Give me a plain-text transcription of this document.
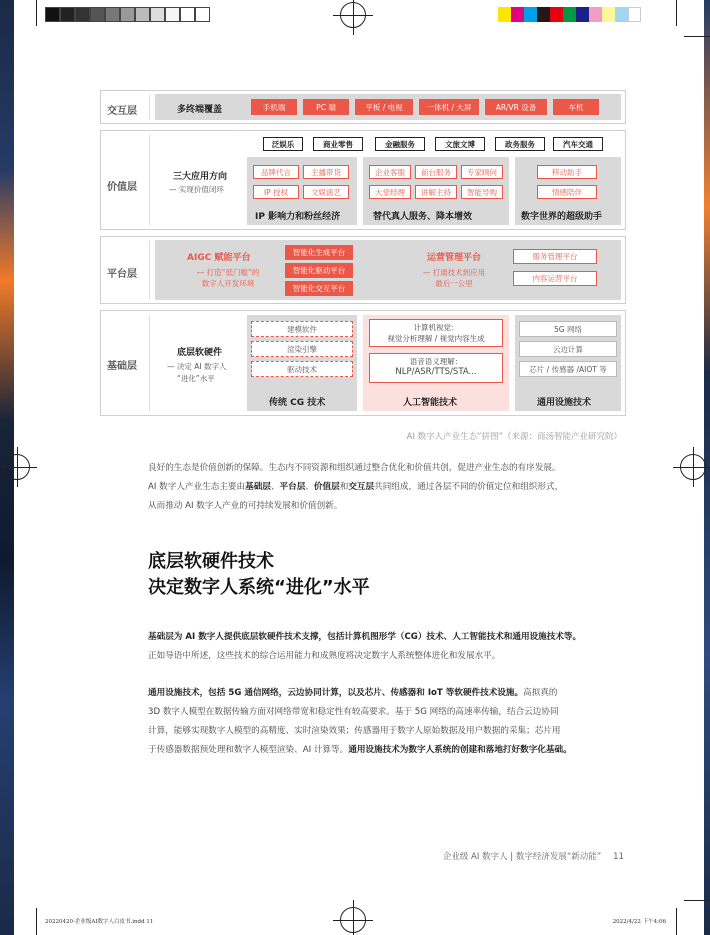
交互层	多终端覆盖	手机端	PC 端	平板 / 电视	一体机 / 大屏	AR/VR 设备	车机
价值层
泛娱乐	商业零售	金融服务	文旅文博	政务服务	汽车交通
三大应用方向
— 实现价值闭环
品牌代言	主播带货
IP 授权	文娱演艺
IP 影响力和粉丝经济
企业客服	前台服务	专家顾问
大堂经理	讲解主持	智能导购
替代真人服务、降本增效
移动助手
情感陪伴
数字世界的超级助手
平台层
AIGC 赋能平台
— 打造“低门槛”的
数字人开发环境
智能化生成平台
智能化驱动平台
智能化交互平台
运营管理平台
— 打通技术到应用
最后一公里
服务管理平台
内容运营平台
基础层
底层软硬件
— 决定 AI 数字人
“进化”水平
建模软件
渲染引擎
驱动技术
传统 CG 技术
计算机视觉：
视觉分析理解 / 视觉内容生成
语音语义理解：
NLP/ASR/TTS/STA...
人工智能技术
5G 网络
云边计算
芯片 / 传感器 /AIOT 等
通用设施技术
AI 数字人产业生态“拼图”（来源：商汤智能产业研究院）
良好的生态是价值创新的保障。生态内不同资源和组织通过整合优化和价值共创，促进产业生态的有序发展。
AI 数字人产业生态主要由基础层、平台层、价值层和交互层共同组成，通过各层不同的价值定位和组织形式，
从而推动 AI 数字人产业的可持续发展和价值创新。
底层软硬件技术
决定数字人系统“进化”水平
基础层为 AI 数字人提供底层软硬件技术支撑，包括计算机图形学（CG）技术、人工智能技术和通用设施技术等。
正如导语中所述，这些技术的综合运用能力和成熟度将决定数字人系统整体进化和发展水平。
通用设施技术，包括 5G 通信网络，云边协同计算，以及芯片、传感器和 IoT 等软硬件技术设施。高拟真的
3D 数字人模型在数据传输方面对网络带宽和稳定性有较高要求。基于 5G 网络的高速率传输，结合云边协同
计算，能够实现数字人模型的高精度、实时渲染效果；传感器用于数字人原始数据及用户数据的采集；芯片用
于传感器数据预处理和数字人模型渲染、AI 计算等。通用设施技术为数字人系统的创建和落地打好数字化基础。
企业级 AI 数字人 | 数字经济发展“新动能” 11
20220420-企业级AI数字人白皮书.indd 11	2022/4/22 下午4:06
